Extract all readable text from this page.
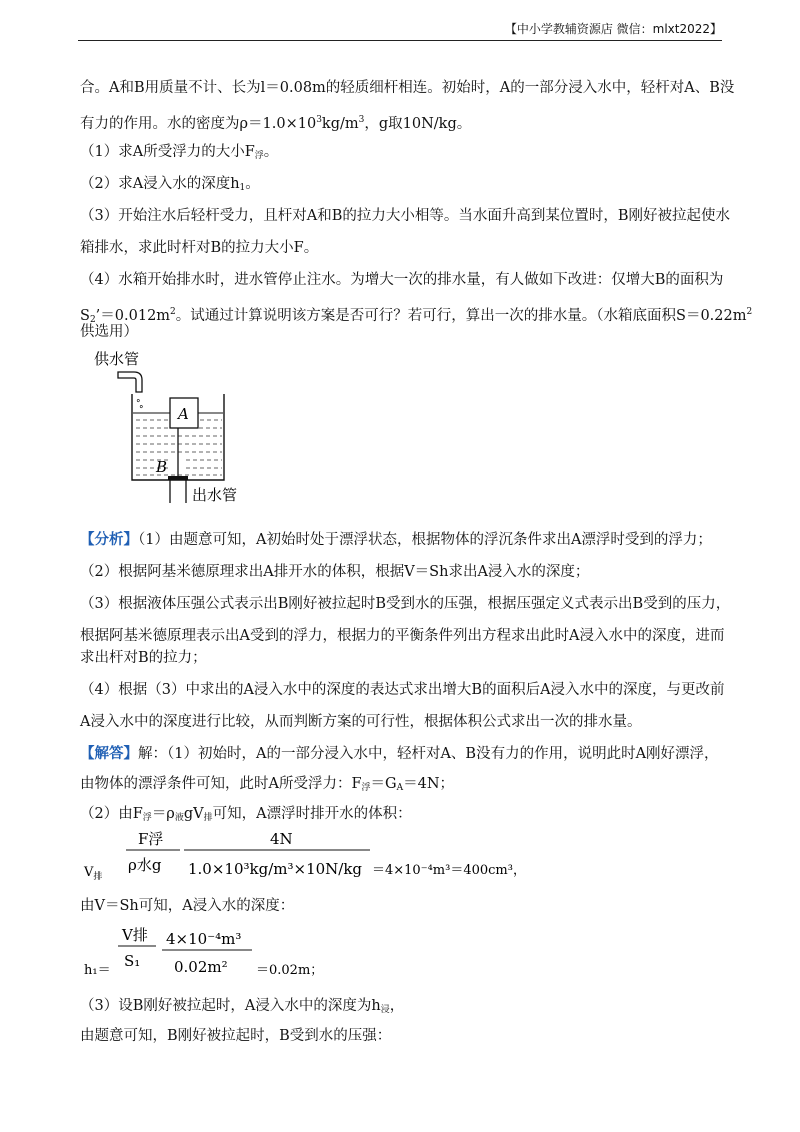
【中小学教辅资源店 微信：mlxt2022】
合。A和B用质量不计、长为l＝0.08m的轻质细杆相连。初始时，A的一部分浸入水中，轻杆对A、B没
有力的作用。水的密度为$\rho=1.0\times 10^3kg/m^3$，g取10N/kg。
（1）求A所受浮力的大小$F_浮$。
（2）求A浸入水的深度$h_1$。
（3）开始注水后轻杆受力，且杆对A和B的拉力大小相等。当水面升高到某位置时，B刚好被拉起使水
箱排水，求此时杆对B的拉力大小F。
（4）水箱开始排水时，进水管停止注水。为增大一次的排水量，有人做如下改进：仅增大B的面积为
$S_2’=0.012m^2$。试通过计算说明该方案是否可行？若可行，算出一次的排水量。（水箱底面积$S=0.22m^2$
供选用）
供水管
°
° A
B
出水管
【分析】（1）由题意可知，A初始时处于漂浮状态，根据物体的浮沉条件求出A漂浮时受到的浮力；
（2）根据阿基米德原理求出A排开水的体积，根据V＝Sh求出A浸入水的深度；
（3）根据液体压强公式表示出B刚好被拉起时B受到水的压强，根据压强定义式表示出B受到的压力，
根据阿基米德原理表示出A受到的浮力，根据力的平衡条件列出方程求出此时A浸入水中的深度，进而
求出杆对B的拉力；
（4）根据（3）中求出的A浸入水中的深度的表达式求出增大B的面积后A浸入水中的深度，与更改前
A浸入水中的深度进行比较，从而判断方案的可行性，根据体积公式求出一次的排水量。
【解答】解：（1）初始时，A的一部分浸入水中，轻杆对A、B没有力的作用，说明此时A刚好漂浮，
由物体的漂浮条件可知，此时A所受浮力：$F_浮=G_A=4N$；
（2）由$F_浮=\rho_液gV_排$可知，A漂浮时排开水的体积：
$V_排$
F浮
ρ水g
4N
1.0×10³kg/m³×10N/kg ＝4×10⁻⁴m³＝400cm³，
由V＝Sh可知，A浸入水的深度：
h₁＝
V排
S₁
4×10⁻⁴m³
0.02m² ＝0.02m；
（3）设B刚好被拉起时，A浸入水中的深度为$h_浸$，
由题意可知，B刚好被拉起时，B受到水的压强：
